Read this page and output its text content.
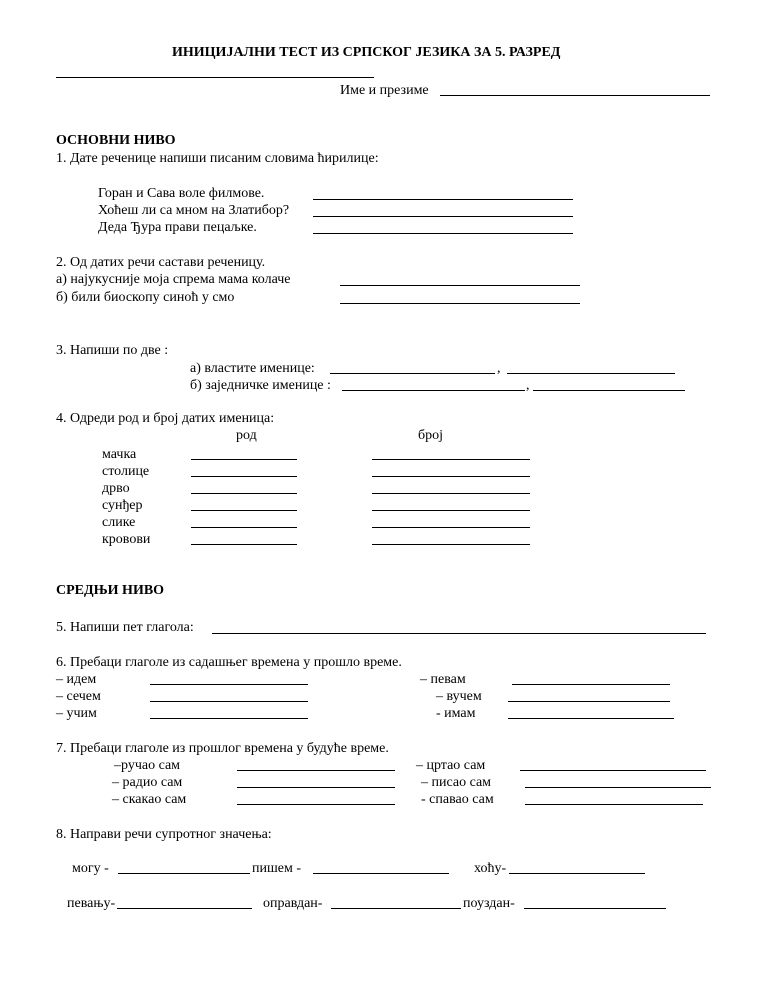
ИНИЦИЈАЛНИ ТЕСТ ИЗ СРПСКОГ ЈЕЗИКА ЗА 5. РАЗРЕД
Име и презиме
ОСНОВНИ НИВО
1. Дате реченице напиши писаним словима ћирилице:
Горан и Сава воле филмове.
Хоћеш ли са мном на Златибор?
Деда Ђура прави пецаљке.
2. Од датих речи састави реченицу.
а) најукусније моја спрема мама колаче
б) били биоскопу синоћ у смо
3. Напиши по две :
а) властите именице:	,
б) заједничке именице :	,
4. Одреди род и број датих именица:
род	број
мачка
столице
дрво
сунђер
слике
кровови
СРЕДЊИ НИВО
5. Напиши пет глагола:
6. Пребаци глаголе из садашњег времена у прошло време.
– идем	– певам
– сечем	– вучем
– учим	- имам
7. Пребаци глаголе из прошлог времена у будуће време.
–ручао сам	– цртао сам
– радио сам	– писао сам
– скакао сам	- спавао сам
8. Направи речи супротног значења:
могу -	пишем -	хоћу-
певању-	оправдан-	поуздан-
